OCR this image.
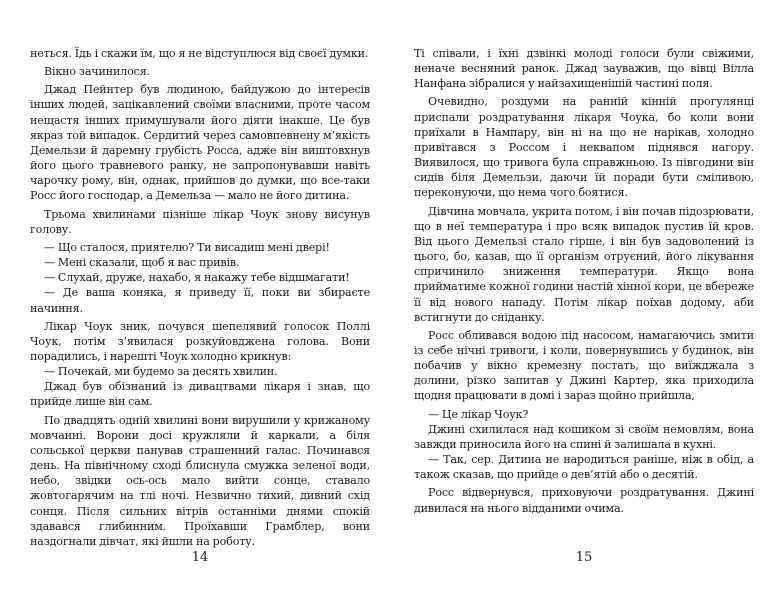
неться. Їдь і скажи їм, що я не відступлюся від своєї думки.

Вікно зачинилося.

Джад Пейнтер був людиною, байдужою до інтересів інших людей, зацікавлений своїми власними, проте часом нещастя інших примушували його діяти інакше. Це був якраз той випадок. Сердитий через самовпевнену м’якість Демельзи й даремну грубість Росса, адже він виштовхнув його цього травневого ранку, не запропонувавши навіть чарочку рому, він, однак, прийшов до думки, що все-таки Росс його господар, а Демельза — мало не його дитина.

Трьома хвилинами пізніше лікар Чоук знову висунув голову.

— Що сталося, приятелю? Ти висадиш мені двері!

— Мені сказали, щоб я вас привів.

— Слухай, друже, нахабо, я накажу тебе відшмагати!

— Де ваша коняка, я приведу її, поки ви збираєте начиння.

Лікар Чоук зник, почувся шепелявий голосок Поллі Чоук, потім з’явилася розкуйовджена голова. Вони порадились, і нарешті Чоук холодно крикнув:

— Почекай, ми будемо за десять хвилин.

Джад був обізнаний із дивацтвами лікаря і знав, що прийде лише він сам.

По двадцять одній хвилині вони вирушили у крижаному мовчанні. Ворони досі кружляли й каркали, а біля сольської церкви панував страшенний галас. Починався день. На північному сході блиснула смужка зеленої води, небо, звідки ось-ось мало вийти сонце, ставало жовтогарячим на тлі ночі. Незвично тихий, дивний схід сонця. Після сильних вітрів останніми днями спокій здавався глибинним. Проїхавши Грамблер, вони наздогнали дівчат, які йшли на роботу.

Ті співали, і їхні дзвінкі молоді голоси були свіжими, неначе весняний ранок. Джад зауважив, що вівці Вілла Нанфана зібралися у найзахищенішій частині поля.

Очевидно, роздуми на ранній кінній прогулянці приспали роздратування лікаря Чоука, бо коли вони приїхали в Нампару, він ні на що не нарікав, холодно привітався з Россом і неквапом піднявся нагору. Виявилося, що тривога була справжньою. Із півгодини він сидів біля Демельзи, даючи їй поради бути сміливою, переконуючи, що нема чого боятися.

Дівчина мовчала, укрита потом, і він почав підозрювати, що в неї температура і про всяк випадок пустив їй кров. Від цього Демельзі стало гірше, і він був задоволений із цього, бо, казав, що її організм отруєний, його лікування спричинило зниження температури. Якщо вона прийматиме кожної години настій хінної кори, це вбереже її від нового нападу. Потім лікар поїхав додому, аби встигнути до сніданку.

Росс обливався водою під насосом, намагаючись змити із себе нічні тривоги, і коли, повернувшись у будинок, він побачив у вікно кремезну постать, що виїжджала з долини, різко запитав у Джині Картер, яка приходила щодня працювати в домі і зараз щойно прийшла,

— Це лікар Чоук?

Джині схилилася над кошиком зі своїм немовлям, вона завжди приносила його на спині й залишала в кухні.

— Так, сер. Дитина не народиться раніше, ніж в обід, а також сказав, що прийде о дев’ятій або о десятій.

Росс відвернувся, приховуючи роздратування. Джині дивилася на нього відданими очима.

14	15
